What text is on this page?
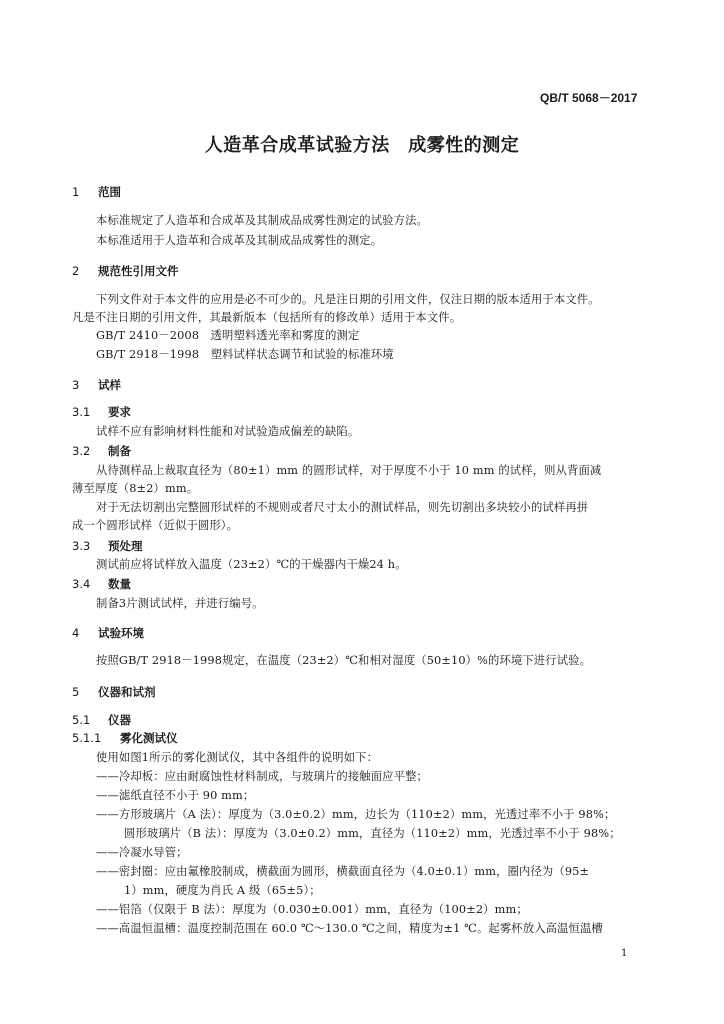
QB/T 5068－2017
人造革合成革试验方法　成雾性的测定
1 范围
本标准规定了人造革和合成革及其制成品成雾性测定的试验方法。
本标准适用于人造革和合成革及其制成品成雾性的测定。
2 规范性引用文件
下列文件对于本文件的应用是必不可少的。凡是注日期的引用文件，仅注日期的版本适用于本文件。
凡是不注日期的引用文件，其最新版本（包括所有的修改单）适用于本文件。
GB/T 2410－2008　透明塑料透光率和雾度的测定
GB/T 2918－1998　塑料试样状态调节和试验的标准环境
3 试样
3.1 要求
试样不应有影响材料性能和对试验造成偏差的缺陷。
3.2 制备
从待测样品上裁取直径为（80±1）mm 的圆形试样，对于厚度不小于 10 mm 的试样，则从背面减
薄至厚度（8±2）mm。
对于无法切割出完整圆形试样的不规则或者尺寸太小的测试样品，则先切割出多块较小的试样再拼
成一个圆形试样（近似于圆形）。
3.3 预处理
测试前应将试样放入温度（23±2）℃的干燥器内干燥24 h。
3.4 数量
制备3片测试试样，并进行编号。
4 试验环境
按照GB/T 2918－1998规定，在温度（23±2）℃和相对湿度（50±10）%的环境下进行试验。
5 仪器和试剂
5.1 仪器
5.1.1 雾化测试仪
使用如图1所示的雾化测试仪，其中各组件的说明如下：
——冷却板：应由耐腐蚀性材料制成，与玻璃片的接触面应平整；
——滤纸直径不小于 90 mm；
——方形玻璃片（A 法）：厚度为（3.0±0.2）mm，边长为（110±2）mm，光透过率不小于 98%；
圆形玻璃片（B 法）：厚度为（3.0±0.2）mm，直径为（110±2）mm，光透过率不小于 98%；
——冷凝水导管；
——密封圈：应由氟橡胶制成，横截面为圆形，横截面直径为（4.0±0.1）mm，圈内径为（95±
1）mm，硬度为肖氏 A 级（65±5）；
——铝箔（仅限于 B 法）：厚度为（0.030±0.001）mm，直径为（100±2）mm；
——高温恒温槽：温度控制范围在 60.0 ℃～130.0 ℃之间，精度为±1 ℃。起雾杯放入高温恒温槽
1
